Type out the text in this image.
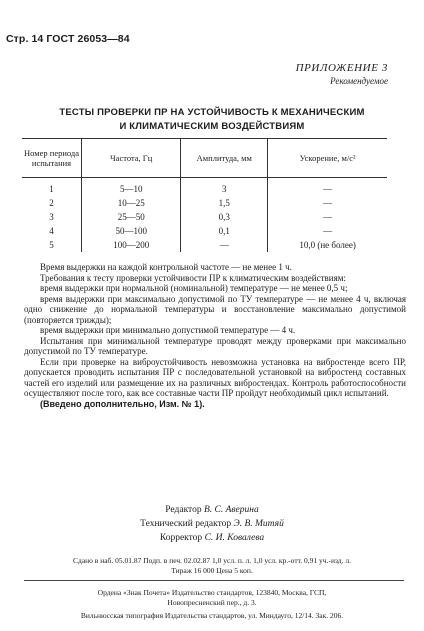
Стр. 14 ГОСТ 26053—84
ПРИЛОЖЕНИЕ 3
Рекомендуемое
ТЕСТЫ ПРОВЕРКИ ПР НА УСТОЙЧИВОСТЬ К МЕХАНИЧЕСКИМ
И КЛИМАТИЧЕСКИМ ВОЗДЕЙСТВИЯМ
Номер периода испытания	Частота, Гц	Амплитуда, мм	Ускорение, м/с²
1	5—10	3	—
2	10—25	1,5	—
3	25—50	0,3	—
4	50—100	0,1	—
5	100—200	—	10,0 (не более)

Время выдержки на каждой контрольной частоте — не менее 1 ч.

Требования к тесту проверки устойчивости ПР к климатическим воздействиям:

время выдержки при нормальной (номинальной) температуре — не менее 0,5 ч;

время выдержки при максимально допустимой по ТУ температуре — не менее 4 ч, включая одно снижение до нормальной температуры и восстановление максимально допустимой (повторяется трижды);

время выдержки при минимально допустимой температуре — 4 ч.

Испытания при минимальной температуре проводят между проверками при максимально допустимой по ТУ температуре.

Если при проверке на виброустойчивость невозможна установка на вибростенде всего ПР, допускается проводить испытания ПР с последовательной установкой на вибростенд составных частей его изделий или размещение их на различных вибростендах. Контроль работоспособности осуществляют после того, как все составные части ПР пройдут необходимый цикл испытаний.

(Введено дополнительно, Изм. № 1).

Редактор В. С. Аверина
Технический редактор Э. В. Митяй
Корректор С. И. Ковалева
Сдано в наб. 05.01.87 Подп. в печ. 02.02.87 1,0 усл. п. л. 1,0 усл. кр.-отт. 0,91 уч.-изд. л.
Тираж 16 000 Цена 5 коп.
Ордена «Знак Почета» Издательство стандартов, 123840, Москва, ГСП,
Новопресненский пер., д. 3.
Вильнюсская типография Издательства стандартов, ул. Миндауго, 12/14. Зак. 206.
